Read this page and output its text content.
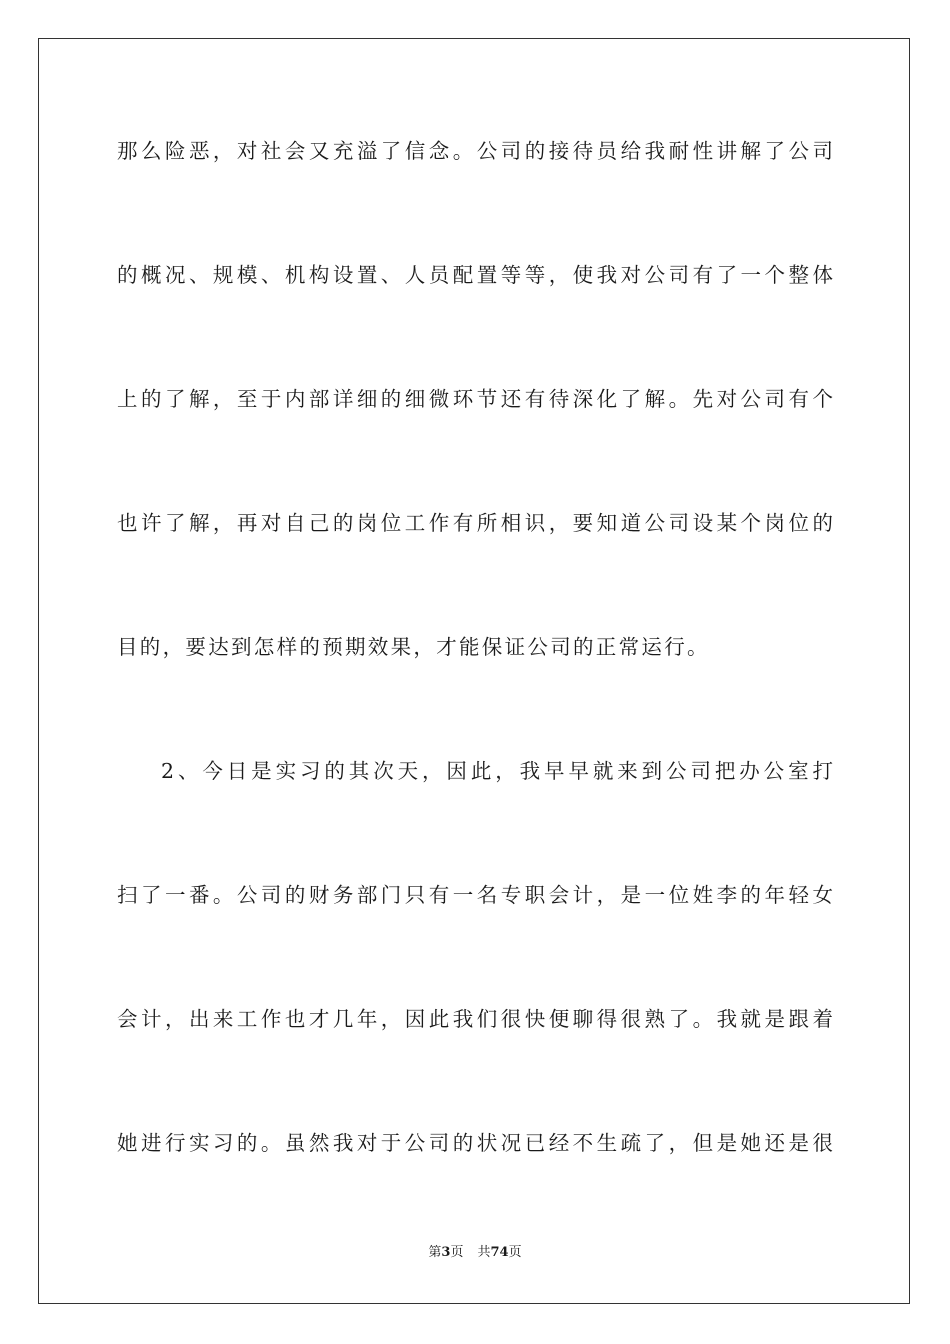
那么险恶，对社会又充溢了信念。公司的接待员给我耐性讲解了公司
的概况、规模、机构设置、人员配置等等，使我对公司有了一个整体
上的了解，至于内部详细的细微环节还有待深化了解。先对公司有个
也许了解，再对自己的岗位工作有所相识，要知道公司设某个岗位的
目的，要达到怎样的预期效果，才能保证公司的正常运行。
2、今日是实习的其次天，因此，我早早就来到公司把办公室打
扫了一番。公司的财务部门只有一名专职会计，是一位姓李的年轻女
会计，出来工作也才几年，因此我们很快便聊得很熟了。我就是跟着
她进行实习的。虽然我对于公司的状况已经不生疏了，但是她还是很
第3页 共74页
